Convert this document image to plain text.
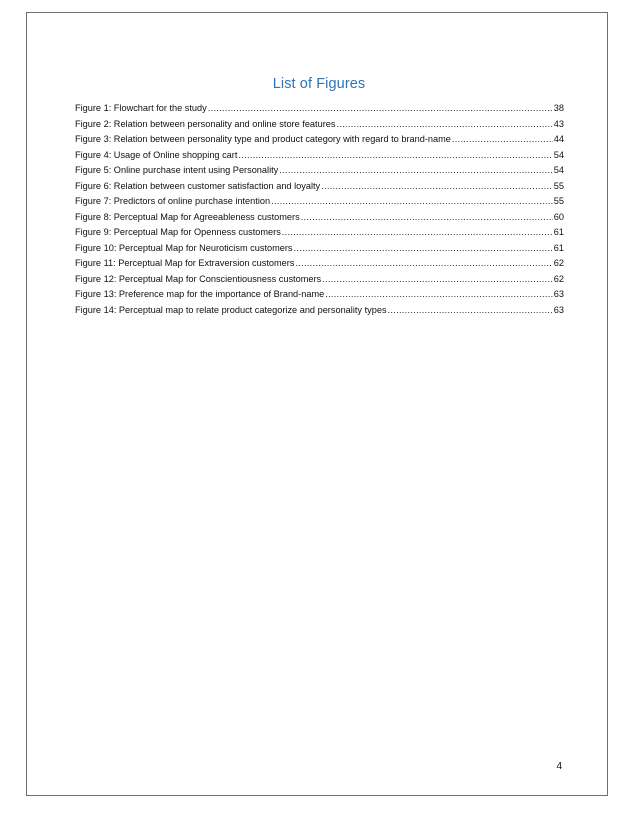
List of Figures
Figure 1: Flowchart for the study .....	38
Figure 2: Relation between personality and online store features .....	43
Figure 3: Relation between personality type and product category with regard to brand-name .....	44
Figure 4: Usage of Online shopping cart .....	54
Figure 5: Online purchase intent using Personality .....	54
Figure 6: Relation between customer satisfaction and loyalty .....	55
Figure 7: Predictors of online purchase intention .....	55
Figure 8: Perceptual Map for Agreeableness customers .....	60
Figure 9: Perceptual Map for Openness customers .....	61
Figure 10: Perceptual Map for Neuroticism customers .....	61
Figure 11: Perceptual Map for Extraversion customers .....	62
Figure 12: Perceptual Map for Conscientiousness customers .....	62
Figure 13: Preference map for the importance of Brand-name .....	63
Figure 14: Perceptual map to relate product categorize and personality types .....	63
4
